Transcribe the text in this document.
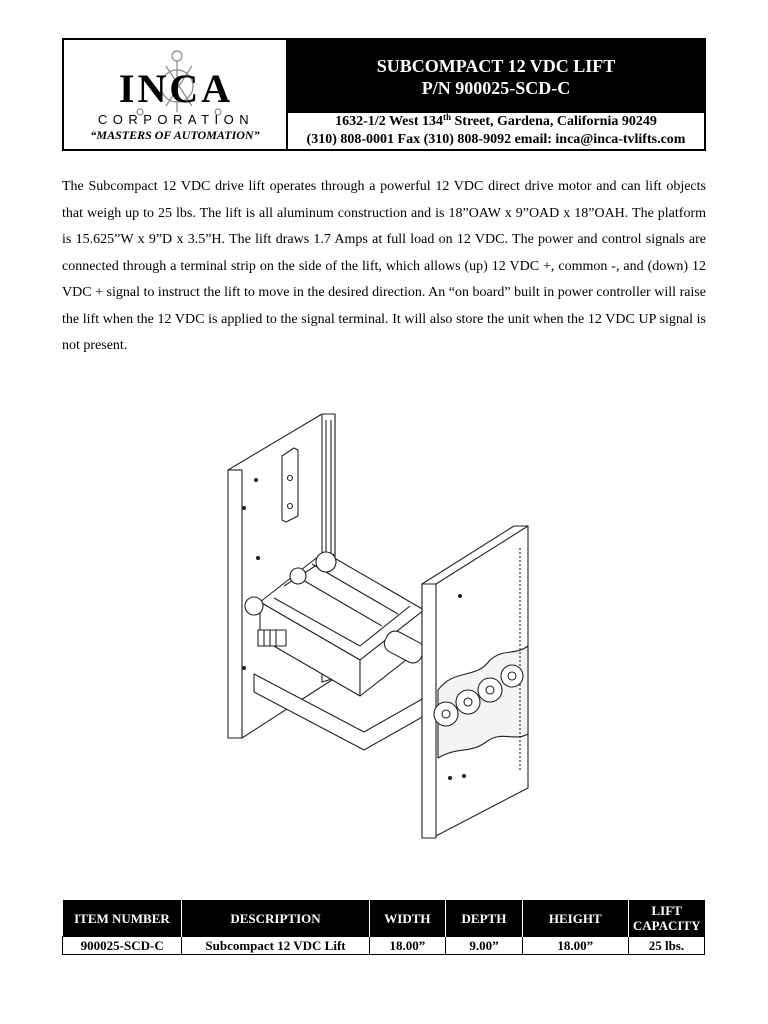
INCA
CORPORATION
“MASTERS OF AUTOMATION”
SUBCOMPACT 12 VDC LIFT
P/N 900025-SCD-C
1632-1/2 West 134th Street, Gardena, California 90249
(310) 808-0001 Fax (310) 808-9092 email: inca@inca-tvlifts.com
The Subcompact 12 VDC drive lift operates through a powerful 12 VDC direct drive motor and can lift objects that weigh up to 25 lbs. The lift is all aluminum construction and is 18”OAW x 9”OAD x 18”OAH. The platform is 15.625”W x 9”D x 3.5”H. The lift draws 1.7 Amps at full load on 12 VDC. The power and control signals are connected through a terminal strip on the side of the lift, which allows (up) 12 VDC +, common -, and (down) 12 VDC + signal to instruct the lift to move in the desired direction. An “on board” built in power controller will raise the lift when the 12 VDC is applied to the signal terminal. It will also store the unit when the 12 VDC UP signal is not present.
ITEM NUMBER	DESCRIPTION	WIDTH	DEPTH	HEIGHT	LIFT
CAPACITY

900025-SCD-C	Subcompact 12 VDC Lift	18.00”	9.00”	18.00”	25 lbs.
